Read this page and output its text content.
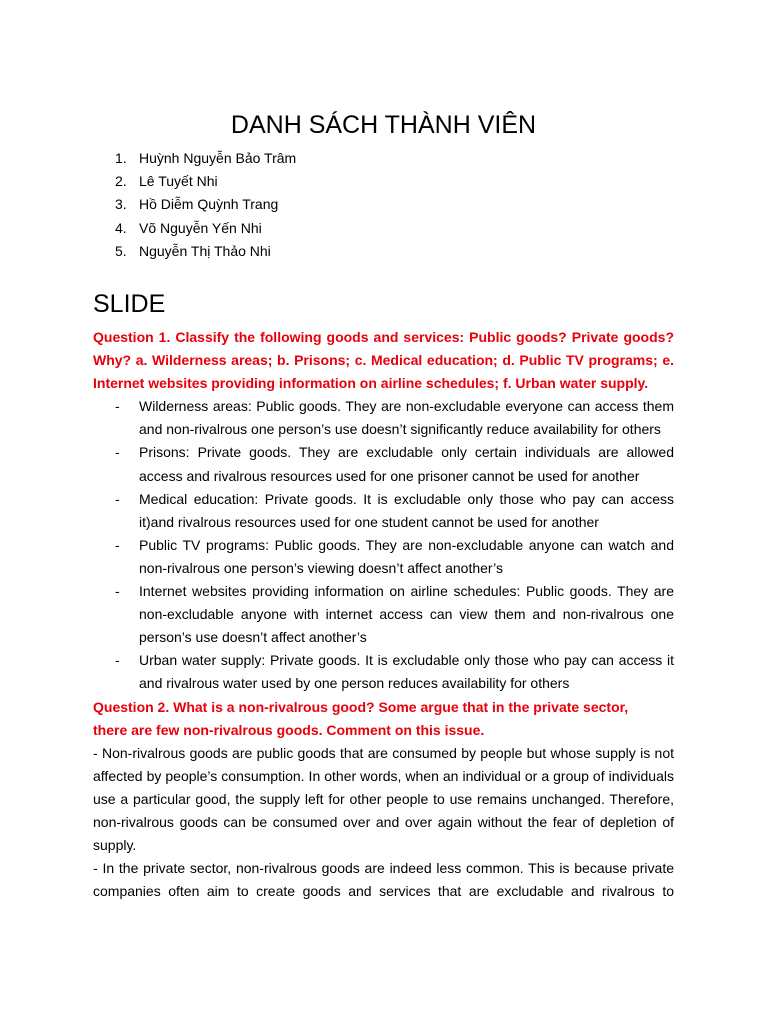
DANH SÁCH THÀNH VIÊN
1. Huỳnh Nguyễn Bảo Trâm
2. Lê Tuyết Nhi
3. Hồ Diễm Quỳnh Trang
4. Võ Nguyễn Yến Nhi
5. Nguyễn Thị Thảo Nhi
SLIDE

Question 1. Classify the following goods and services: Public goods? Private goods? Why? a. Wilderness areas; b. Prisons; c. Medical education; d. Public TV programs; e. Internet websites providing information on airline schedules; f. Urban water supply.

- Wilderness areas: Public goods. They are non-excludable everyone can access them and non-rivalrous one person’s use doesn’t significantly reduce availability for others
- Prisons: Private goods. They are excludable only certain individuals are allowed access and rivalrous resources used for one prisoner cannot be used for another
- Medical education: Private goods. It is excludable only those who pay can access it)and rivalrous resources used for one student cannot be used for another
- Public TV programs: Public goods. They are non-excludable anyone can watch and non-rivalrous one person’s viewing doesn’t affect another’s
- Internet websites providing information on airline schedules: Public goods. They are non-excludable anyone with internet access can view them and non-rivalrous one person’s use doesn’t affect another’s
- Urban water supply: Private goods. It is excludable only those who pay can access it and rivalrous water used by one person reduces availability for others

Question 2. What is a non-rivalrous good? Some argue that in the private sector,

there are few non-rivalrous goods. Comment on this issue.

- Non-rivalrous goods are public goods that are consumed by people but whose supply is not affected by people’s consumption. In other words, when an individual or a group of individuals use a particular good, the supply left for other people to use remains unchanged. Therefore, non-rivalrous goods can be consumed over and over again without the fear of depletion of supply.

- In the private sector, non-rivalrous goods are indeed less common. This is because private companies often aim to create goods and services that are excludable and rivalrous to
